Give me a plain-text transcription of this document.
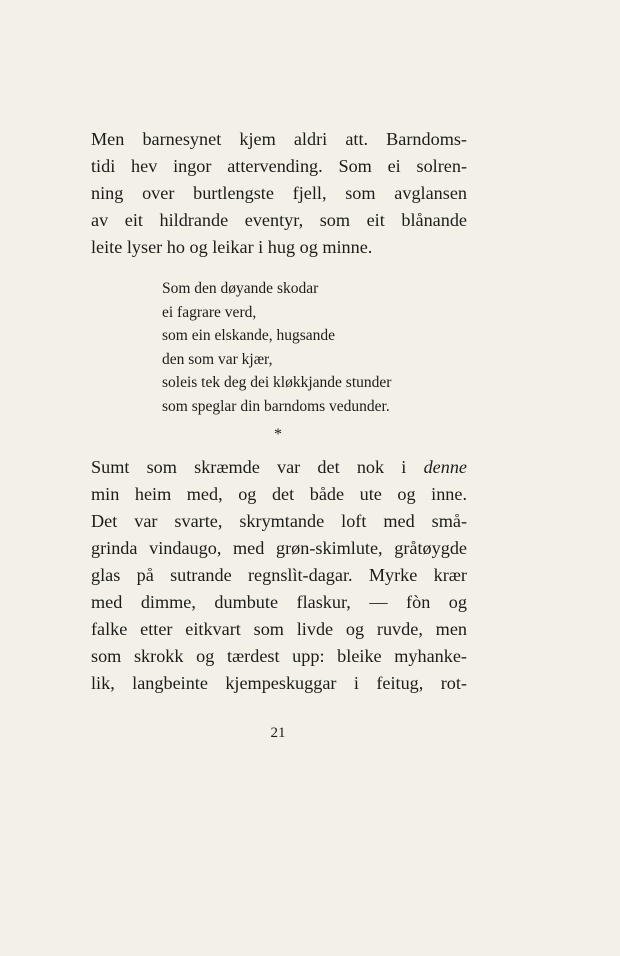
Men barnesynet kjem aldri att. Barndoms-
tidi hev ingor attervending. Som ei solren-
ning over burtlengste fjell, som avglansen
av eit hildrande eventyr, som eit blånande
leite lyser ho og leikar i hug og minne.
Som den døyande skodar
ei fagrare verd,
som ein elskande, hugsande
den som var kjær,
soleis tek deg dei kløkkjande stunder
som speglar din barndoms vedunder.
*
Sumt som skræmde var det nok i denne
min heim med, og det både ute og inne.
Det var svarte, skrymtande loft med små-
grinda vindaugo, med grøn-skimlute, gråtøygde
glas på sutrande regnslìt-dagar. Myrke krær
med dimme, dumbute flaskur, — fòn og
falke etter eitkvart som livde og ruvde, men
som skrokk og tærdest upp: bleike myhanke-
lik, langbeinte kjempeskuggar i feitug, rot-
21
